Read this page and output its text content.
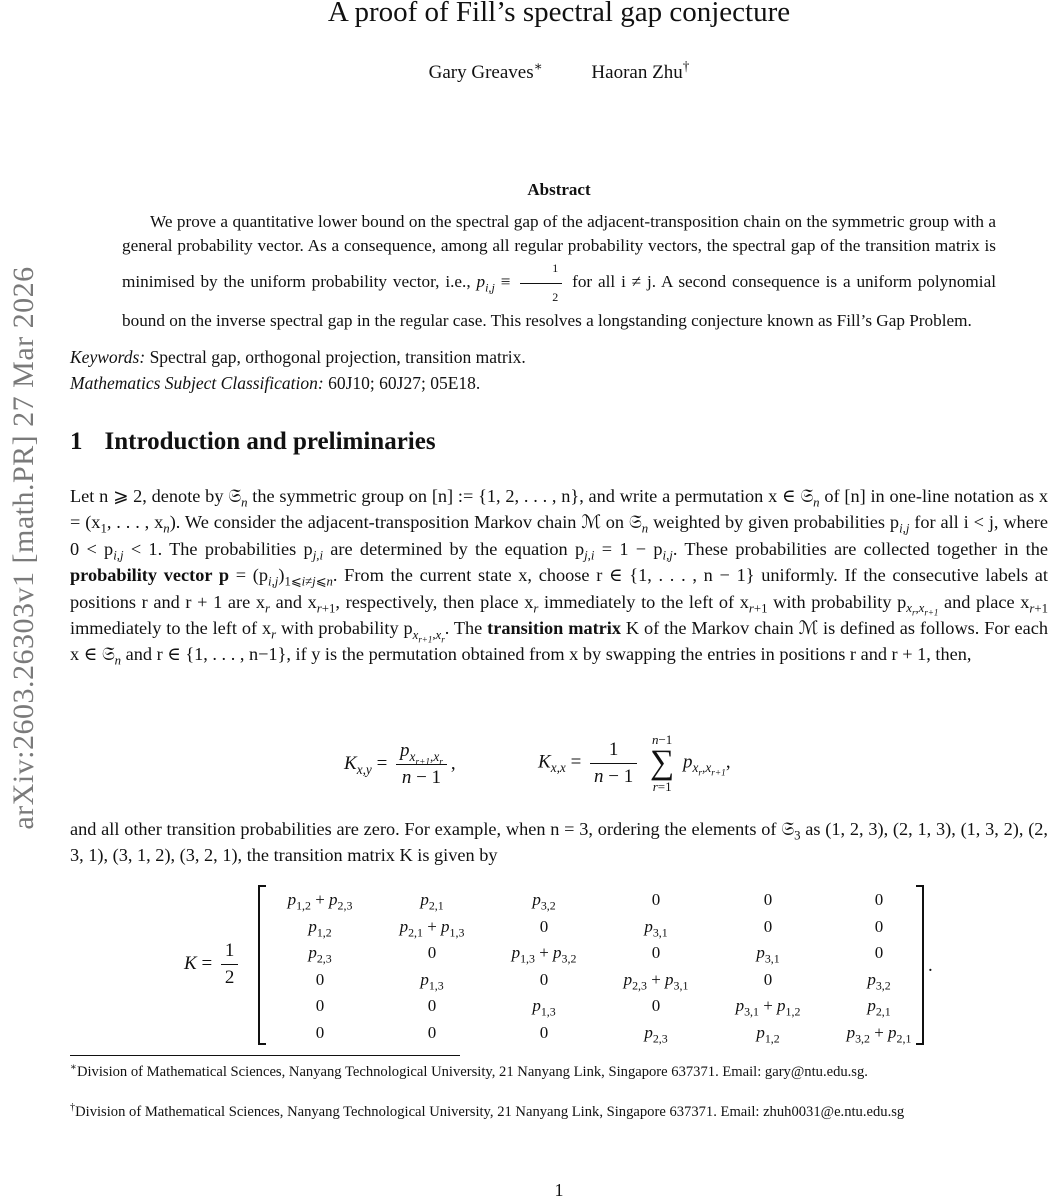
arXiv:2603.26303v1 [math.PR] 27 Mar 2026
A proof of Fill’s spectral gap conjecture
Gary Greaves∗	Haoran Zhu†
Abstract
We prove a quantitative lower bound on the spectral gap of the adjacent-transposition chain on the symmetric group with a general probability vector. As a consequence, among all regular probability vectors, the spectral gap of the transition matrix is minimised by the uniform probability vector, i.e., $p_{i,j} \equiv \frac{1}{2}$ for all i ≠ j. A second consequence is a uniform polynomial bound on the inverse spectral gap in the regular case. This resolves a longstanding conjecture known as Fill’s Gap Problem.
Keywords: Spectral gap, orthogonal projection, transition matrix.
Mathematics Subject Classification: 60J10; 60J27; 05E18.
1 Introduction and preliminaries
Let n ⩾ 2, denote by 𝔖$_n$ the symmetric group on [n] := {1, 2, . . . , n}, and write a permutation x ∈ 𝔖$_n$ of [n] in one-line notation as $x = (x_1$, . . . , $x_n$). We consider the adjacent-transposition Markov chain ℳ on 𝔖$_n$ weighted by given probabilities $p_{i,j}$ for all i < j, where $0 < p_{i,j} < 1$. The probabilities $p_{j,i}$ are determined by the equation $p_{j,i} = 1 - p_{i,j}$. These probabilities are collected together in the probability vector $p = (p_{i,j})_{1⩽i\ne j⩽n}$. From the current state x, choose r ∈ {1, . . . , n − 1} uniformly. If the consecutive labels at positions r and r + 1 are $x_r$ and $x_{r+1}$, respectively, then place $x_r$ immediately to the left of $x_{r+1}$ with probability $p_{x_r,x_{r+1}}$ and place $x_{r+1}$ immediately to the left of $x_r$ with probability $p_{x_{r+1},x_r}$. The transition matrix K of the Markov chain ℳ is defined as follows. For each x ∈ 𝔖$_n$ and r ∈ {1, . . . , n−1}, if y is the permutation obtained from x by swapping the entries in positions r and r + 1, then,
$K_{x,y} = \frac{p_{x_{r+1},x_r}}{n - 1}$ ,	$K_{x,x} = \frac{1}{n - 1}$
n−1
∑
r=1
$p_{x_r,x_{r+1}}$,
and all other transition probabilities are zero. For example, when n = 3, ordering the elements of 𝔖$_3$ as (1, 2, 3), (2, 1, 3), (1, 3, 2), (2, 3, 1), (3, 1, 2), (3, 2, 1), the transition matrix K is given by
$K = \frac{1}{2}$
$p_{1,2} + p_{2,3}$	$p_{2,1}$	$p_{3,2}$	0	0	0
$p_{1,2}$	$p_{2,1} + p_{1,3}$	0	$p_{3,1}$	0	0
$p_{2,3}$	0	$p_{1,3} + p_{3,2}$	0	$p_{3,1}$	0
0	$p_{1,3}$	0	$p_{2,3} + p_{3,1}$	0	$p_{3,2}$
0	0	$p_{1,3}$	0	$p_{3,1} + p_{1,2}$	$p_{2,1}$
0	0	0	$p_{2,3}$	$p_{1,2}$	$p_{3,2} + p_{2,1}$
.
∗Division of Mathematical Sciences, Nanyang Technological University, 21 Nanyang Link, Singapore 637371. Email: gary@ntu.edu.sg.
†Division of Mathematical Sciences, Nanyang Technological University, 21 Nanyang Link, Singapore 637371. Email: zhuh0031@e.ntu.edu.sg
1
